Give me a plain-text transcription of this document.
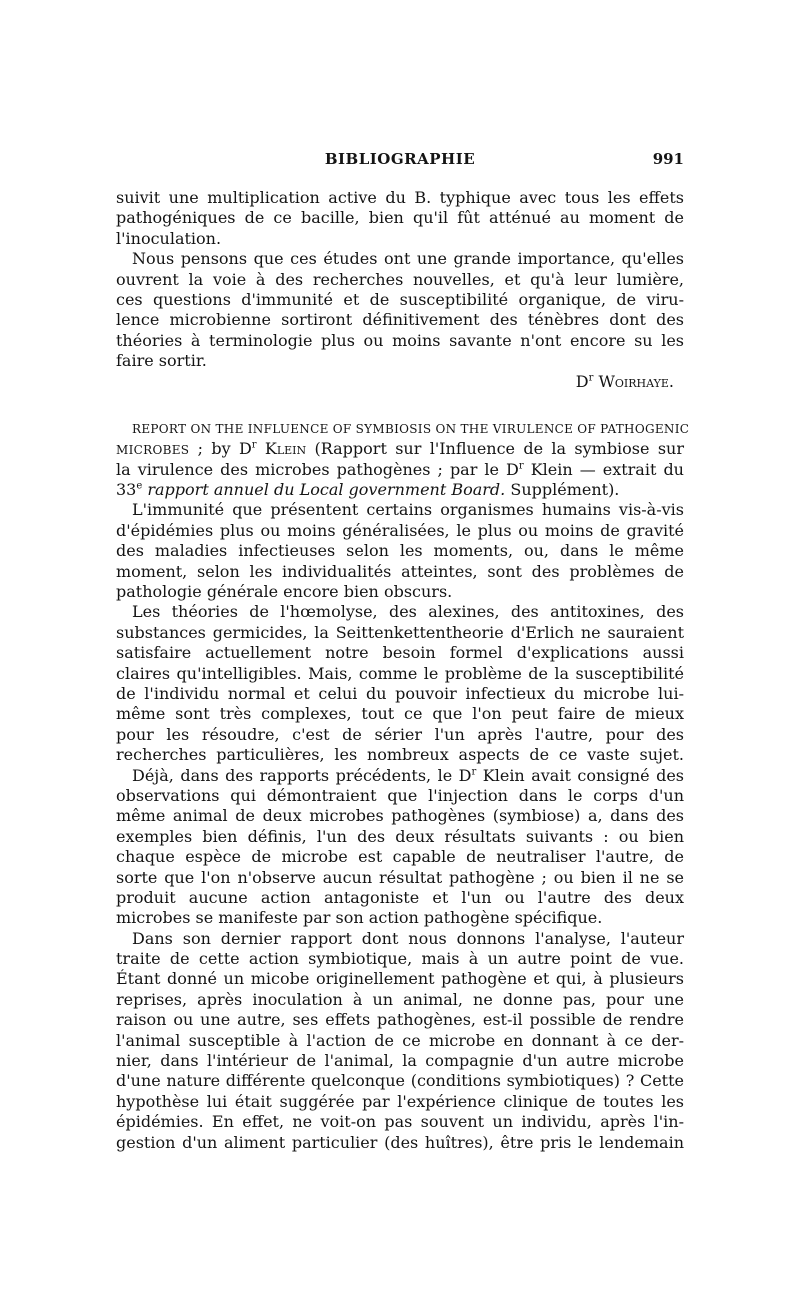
BIBLIOGRAPHIE	991
suivit une multiplication active du B. typhique avec tous les effets
pathogéniques de ce bacille, bien qu'il fût atténué au moment de
l'inoculation.
Nous pensons que ces études ont une grande importance, qu'elles
ouvrent la voie à des recherches nouvelles, et qu'à leur lumière,
ces questions d'immunité et de susceptibilité organique, de viru-
lence microbienne sortiront définitivement des ténèbres dont des
théories à terminologie plus ou moins savante n'ont encore su les
faire sortir.
$D^r$ Woirhaye.
REPORT ON THE INFLUENCE OF SYMBIOSIS ON THE VIRULENCE OF PATHOGENIC
MICROBES ; by $D^r$ Klein (Rapport sur l'Influence de la symbiose sur
la virulence des microbes pathogènes ; par le $D^r$ Klein — extrait du
33e rapport annuel du Local government Board. Supplément).
L'immunité que présentent certains organismes humains vis-à-vis
d'épidémies plus ou moins généralisées, le plus ou moins de gravité
des maladies infectieuses selon les moments, ou, dans le même
moment, selon les individualités atteintes, sont des problèmes de
pathologie générale encore bien obscurs.
Les théories de l'hœmolyse, des alexines, des antitoxines, des
substances germicides, la Seittenkettentheorie d'Erlich ne sauraient
satisfaire actuellement notre besoin formel d'explications aussi
claires qu'intelligibles. Mais, comme le problème de la susceptibilité
de l'individu normal et celui du pouvoir infectieux du microbe lui-
même sont très complexes, tout ce que l'on peut faire de mieux
pour les résoudre, c'est de sérier l'un après l'autre, pour des
recherches particulières, les nombreux aspects de ce vaste sujet.
Déjà, dans des rapports précédents, le $D^r$ Klein avait consigné des
observations qui démontraient que l'injection dans le corps d'un
même animal de deux microbes pathogènes (symbiose) a, dans des
exemples bien définis, l'un des deux résultats suivants : ou bien
chaque espèce de microbe est capable de neutraliser l'autre, de
sorte que l'on n'observe aucun résultat pathogène ; ou bien il ne se
produit aucune action antagoniste et l'un ou l'autre des deux
microbes se manifeste par son action pathogène spécifique.
Dans son dernier rapport dont nous donnons l'analyse, l'auteur
traite de cette action symbiotique, mais à un autre point de vue.
Étant donné un micobe originellement pathogène et qui, à plusieurs
reprises, après inoculation à un animal, ne donne pas, pour une
raison ou une autre, ses effets pathogènes, est-il possible de rendre
l'animal susceptible à l'action de ce microbe en donnant à ce der-
nier, dans l'intérieur de l'animal, la compagnie d'un autre microbe
d'une nature différente quelconque (conditions symbiotiques) ? Cette
hypothèse lui était suggérée par l'expérience clinique de toutes les
épidémies. En effet, ne voit-on pas souvent un individu, après l'in-
gestion d'un aliment particulier (des huîtres), être pris le lendemain
